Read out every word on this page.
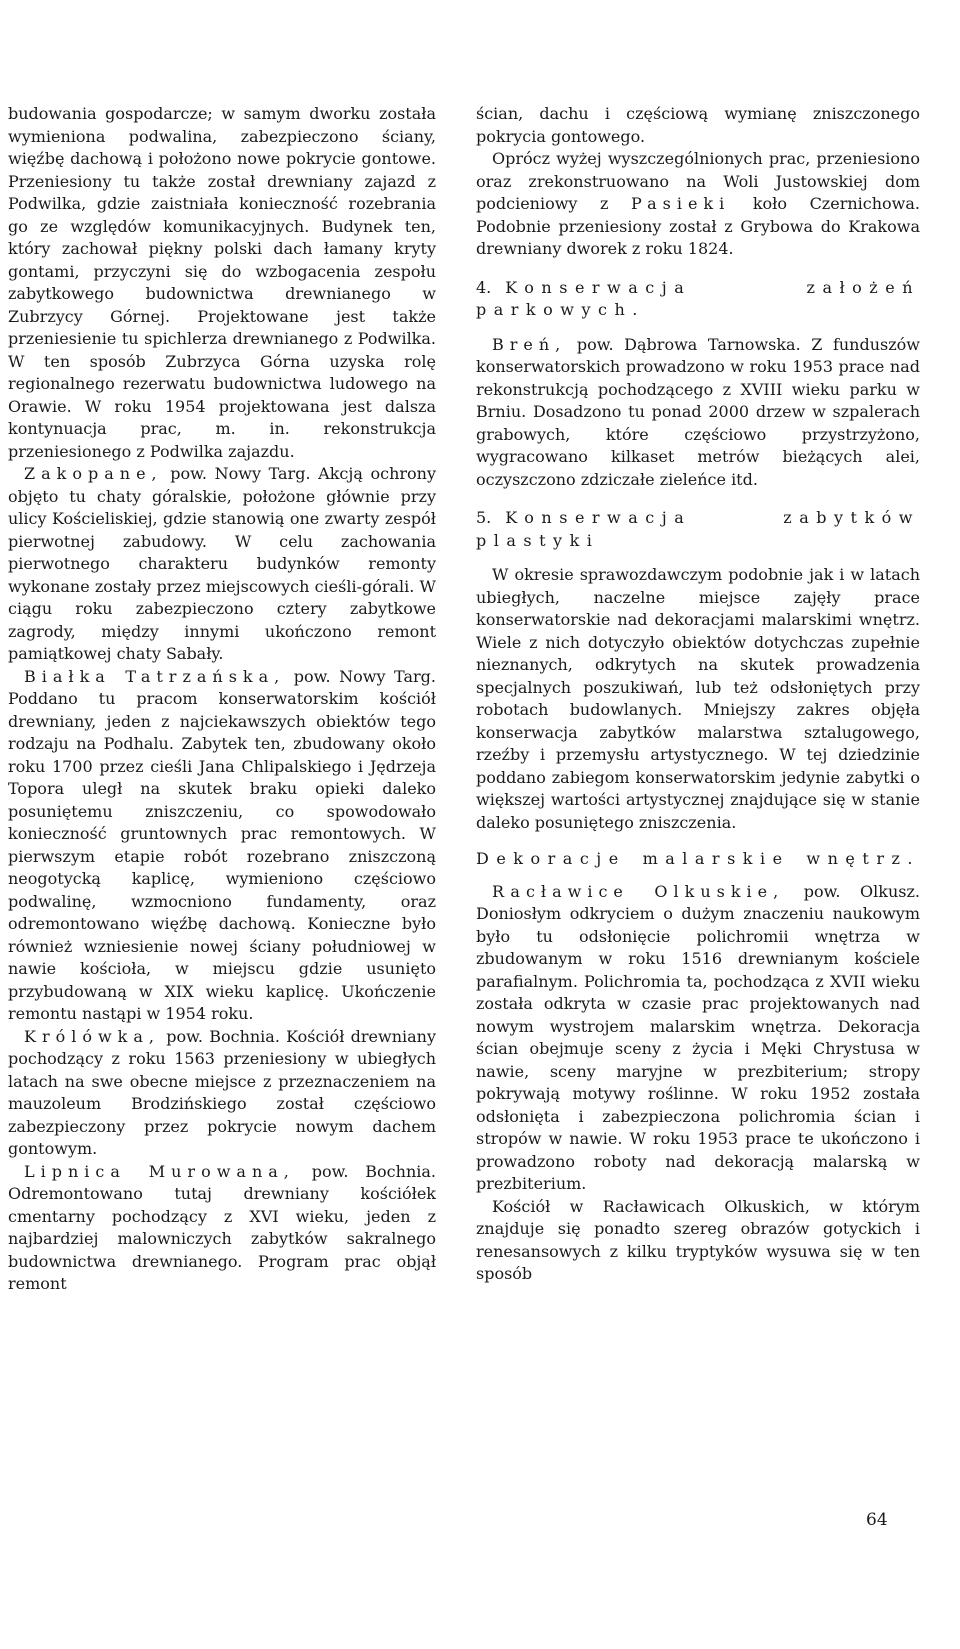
budowania gospodarcze; w samym dworku została wymieniona podwalina, zabezpieczono ściany, więźbę dachową i położono nowe pokrycie gontowe. Przeniesiony tu także został drewniany zajazd z Podwilka, gdzie zaistniała konieczność rozebrania go ze względów komunikacyjnych. Budynek ten, który zachował piękny polski dach łamany kryty gontami, przyczyni się do wzbogacenia zespołu zabytkowego budownictwa drewnianego w Zubrzycy Górnej. Projektowane jest także przeniesienie tu spichlerza drewnianego z Podwilka. W ten sposób Zubrzyca Górna uzyska rolę regionalnego rezerwatu budownictwa ludowego na Orawie. W roku 1954 projektowana jest dalsza kontynuacja prac, m. in. rekonstrukcja przeniesionego z Podwilka zajazdu.

Zakopane, pow. Nowy Targ. Akcją ochrony objęto tu chaty góralskie, położone głównie przy ulicy Kościeliskiej, gdzie stanowią one zwarty zespół pierwotnej zabudowy. W celu zachowania pierwotnego charakteru budynków remonty wykonane zostały przez miejscowych cieśli-górali. W ciągu roku zabezpieczono cztery zabytkowe zagrody, między innymi ukończono remont pamiątkowej chaty Sabały.

Białka Tatrzańska, pow. Nowy Targ. Poddano tu pracom konserwatorskim kościół drewniany, jeden z najciekawszych obiektów tego rodzaju na Podhalu. Zabytek ten, zbudowany około roku 1700 przez cieśli Jana Chlipalskiego i Jędrzeja Topora uległ na skutek braku opieki daleko posuniętemu zniszczeniu, co spowodowało konieczność gruntownych prac remontowych. W pierwszym etapie robót rozebrano zniszczoną neogotycką kaplicę, wymieniono częściowo podwalinę, wzmocniono fundamenty, oraz odremontowano więźbę dachową. Konieczne było również wzniesienie nowej ściany południowej w nawie kościoła, w miejscu gdzie usunięto przybudowaną w XIX wieku kaplicę. Ukończenie remontu nastąpi w 1954 roku.

Królówka, pow. Bochnia. Kościół drewniany pochodzący z roku 1563 przeniesiony w ubiegłych latach na swe obecne miejsce z przeznaczeniem na mauzoleum Brodzińskiego został częściowo zabezpieczony przez pokrycie nowym dachem gontowym.

Lipnica Murowana, pow. Bochnia. Odremontowano tutaj drewniany kościółek cmentarny pochodzący z XVI wieku, jeden z najbardziej malowniczych zabytków sakralnego budownictwa drewnianego. Program prac objął remont

ścian, dachu i częściową wymianę zniszczonego pokrycia gontowego.

Oprócz wyżej wyszczególnionych prac, przeniesiono oraz zrekonstruowano na Woli Justowskiej dom podcieniowy z Pasieki koło Czernichowa. Podobnie przeniesiony został z Grybowa do Krakowa drewniany dworek z roku 1824.

4. Konserwacja założeń parkowych.

Breń, pow. Dąbrowa Tarnowska. Z funduszów konserwatorskich prowadzono w roku 1953 prace nad rekonstrukcją pochodzącego z XVIII wieku parku w Brniu. Dosadzono tu ponad 2000 drzew w szpalerach grabowych, które częściowo przystrzyżono, wygracowano kilkaset metrów bieżących alei, oczyszczono zdziczałe zieleńce itd.

5. Konserwacja zabytków plastyki

W okresie sprawozdawczym podobnie jak i w latach ubiegłych, naczelne miejsce zajęły prace konserwatorskie nad dekoracjami malarskimi wnętrz. Wiele z nich dotyczyło obiektów dotychczas zupełnie nieznanych, odkrytych na skutek prowadzenia specjalnych poszukiwań, lub też odsłoniętych przy robotach budowlanych. Mniejszy zakres objęła konserwacja zabytków malarstwa sztalugowego, rzeźby i przemysłu artystycznego. W tej dziedzinie poddano zabiegom konserwatorskim jedynie zabytki o większej wartości artystycznej znajdujące się w stanie daleko posuniętego zniszczenia.

Dekoracje malarskie wnętrz.

Racławice Olkuskie, pow. Olkusz. Doniosłym odkryciem o dużym znaczeniu naukowym było tu odsłonięcie polichromii wnętrza w zbudowanym w roku 1516 drewnianym kościele parafialnym. Polichromia ta, pochodząca z XVII wieku została odkryta w czasie prac projektowanych nad nowym wystrojem malarskim wnętrza. Dekoracja ścian obejmuje sceny z życia i Męki Chrystusa w nawie, sceny maryjne w prezbiterium; stropy pokrywają motywy roślinne. W roku 1952 została odsłonięta i zabezpieczona polichromia ścian i stropów w nawie. W roku 1953 prace te ukończono i prowadzono roboty nad dekoracją malarską w prezbiterium.

Kościół w Racławicach Olkuskich, w którym znajduje się ponadto szereg obrazów gotyckich i renesansowych z kilku tryptyków wysuwa się w ten sposób

64
